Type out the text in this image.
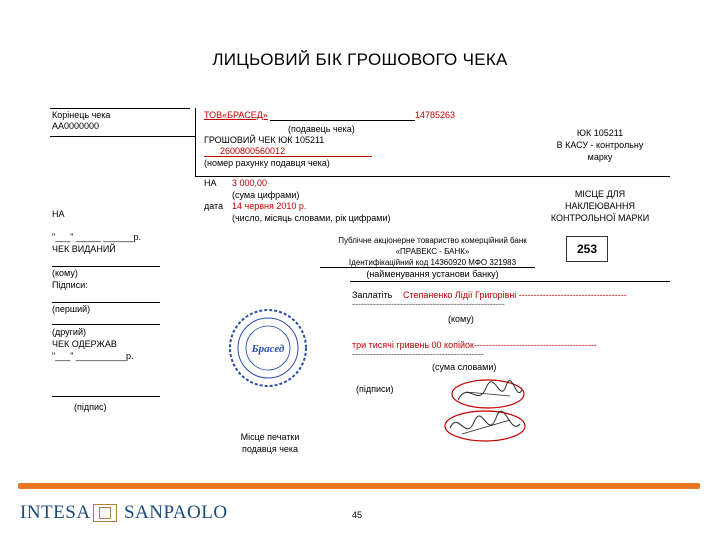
ЛИЦЬОВИЙ БІК ГРОШОВОГО ЧЕКА
Корінець чека
АА0000000
НА
"___" _____ ______р.
ЧЕК ВИДАНИЙ
(кому)
Підписи:
(перший)
(другий)
ЧЕК ОДЕРЖАВ
"___" __________р.
(підпис)
ТОВ«БРАСЕД»	14785263
(подавець чека)
ГРОШОВИЙ ЧЕК ЮК 105211
2600800560012
(номер рахунку подавця чека)
НА 3 000,00
(сума цифрами)
дата 14 червня 2010 р.
(число, місяць словами, рік цифрами)
ЮК 105211
В КАСУ - контрольну
марку
МІСЦЕ ДЛЯ
НАКЛЕЮВАННЯ
КОНТРОЛЬНОЇ МАРКИ
253
Публічне акціонерне товариство комерційний банк
«ПРАВЕКС - БАНК»
Ідентифікаційний код 14360920 МФО 321983
(найменування установи банку)
Заплатіть Степаненко Лідії Григорівні ------------------------------------
---------------------------------------------------
(кому)
три тисячі гривень 00 копійок-----------------------------------------
--------------------------------------------
(сума словами)
(підписи)
Брасед
Місце печатки
подавця чека
INTESA SANPAOLO	45
